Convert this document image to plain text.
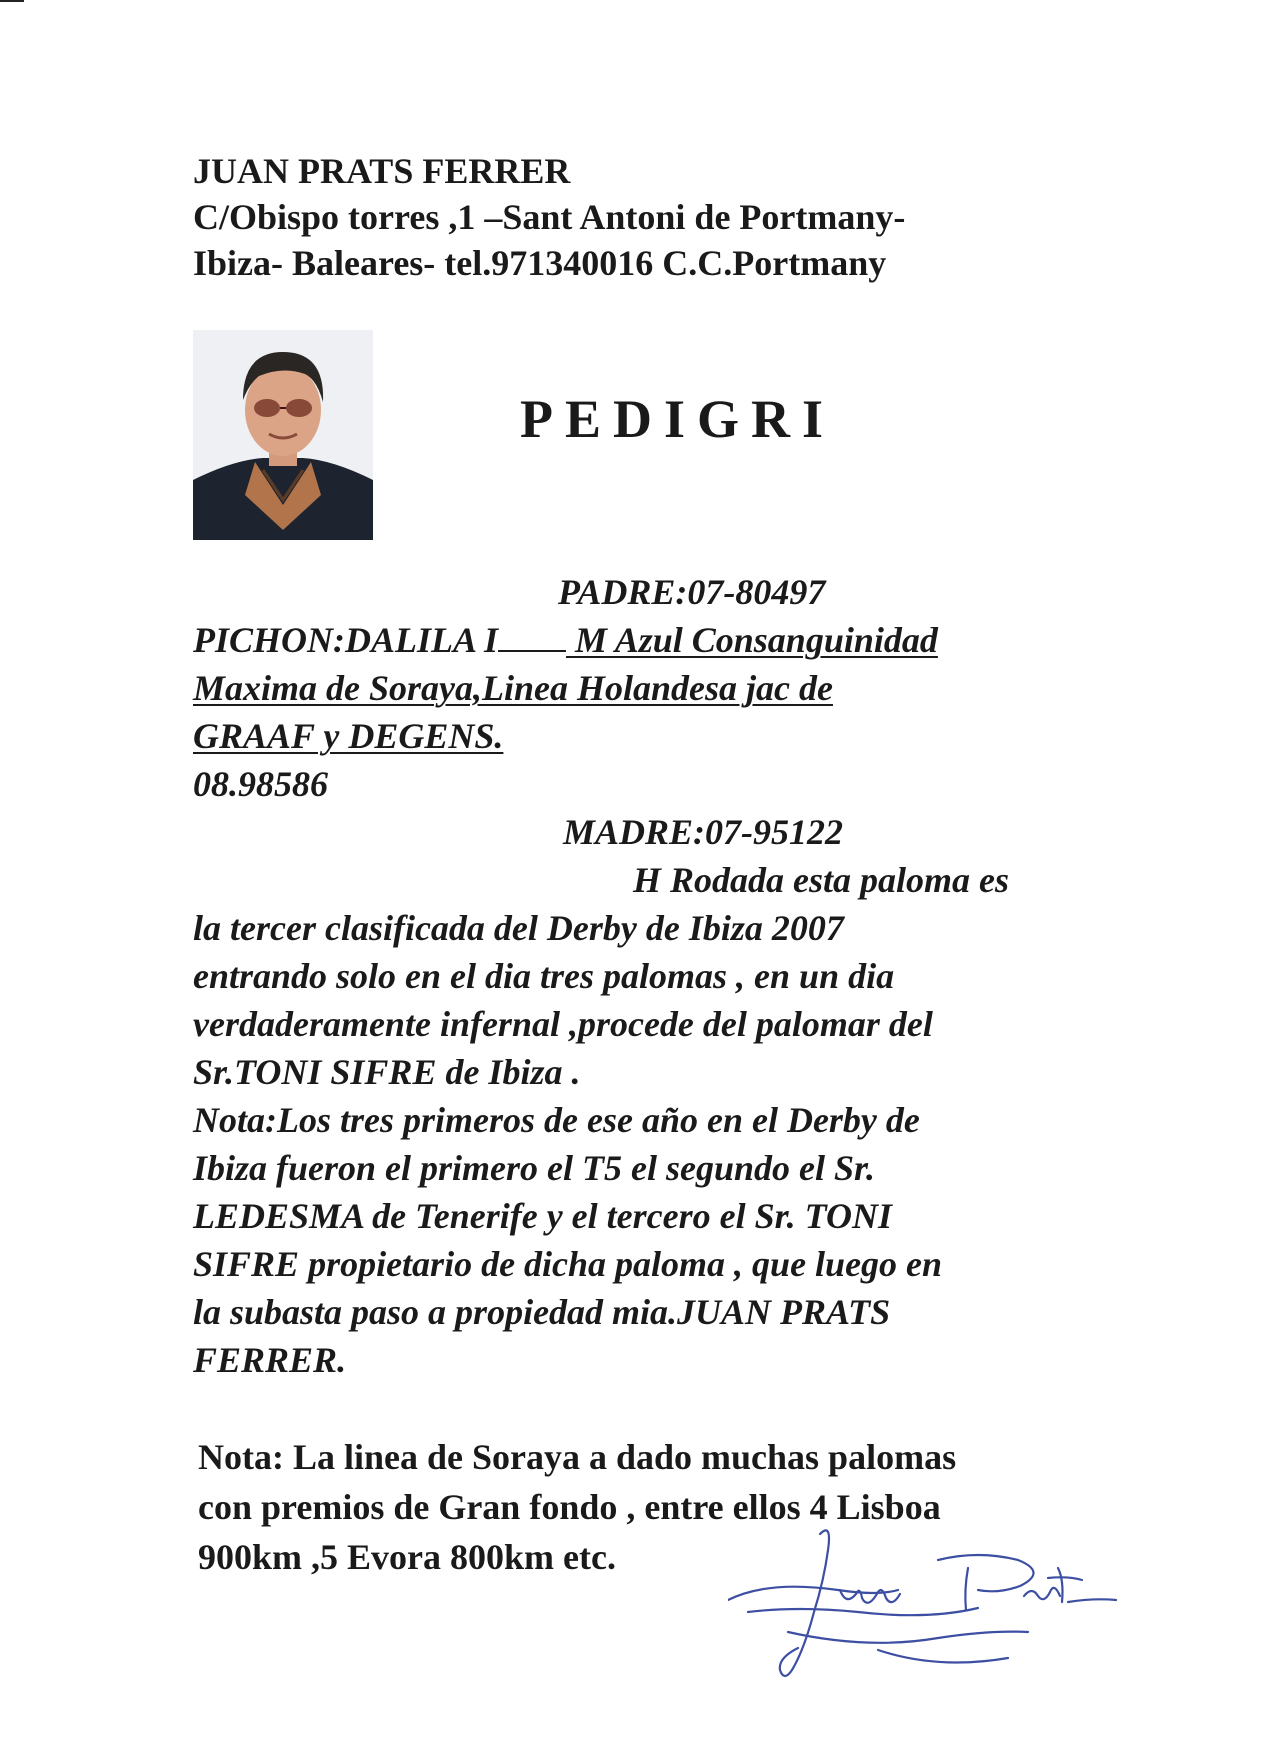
JUAN PRATS FERRER
C/Obispo torres ,1 –Sant Antoni de Portmany-
Ibiza- Baleares- tel.971340016 C.C.Portmany
PEDIGRI
PADRE:07-80497
PICHON:DALILA I M Azul Consanguinidad
Maxima de Soraya,Linea Holandesa jac de
GRAAF y DEGENS.
08.98586
MADRE:07-95122
H Rodada esta paloma es
la tercer clasificada del Derby de Ibiza 2007
entrando solo en el dia tres palomas , en un dia
verdaderamente infernal ,procede del palomar del
Sr.TONI SIFRE de Ibiza .
Nota:Los tres primeros de ese año en el Derby de
Ibiza fueron el primero el T5 el segundo el Sr.
LEDESMA de Tenerife y el tercero el Sr. TONI
SIFRE propietario de dicha paloma , que luego en
la subasta paso a propiedad mia.JUAN PRATS
FERRER.
Nota: La linea de Soraya a dado muchas palomas
con premios de Gran fondo , entre ellos 4 Lisboa
900km ,5 Evora 800km etc.
